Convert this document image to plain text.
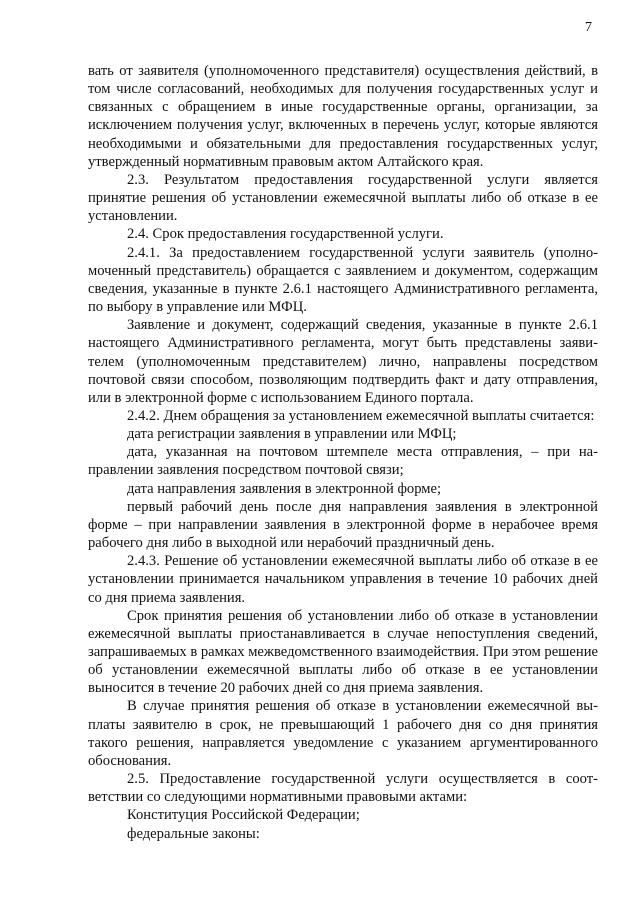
7

вать от заявителя (уполномоченного представителя) осуществления действий, в том числе согласований, необходимых для получения государственных услуг и связанных с обращением в иные государственные органы, организации, за исключением получения услуг, включенных в перечень услуг, которые являются необходимыми и обязательными для предоставления государственных услуг, утвержденный нормативным правовым актом Алтайского края.

2.3. Результатом предоставления государственной услуги является принятие решения об установлении ежемесячной выплаты либо об отказе в ее установлении.

2.4. Срок предоставления государственной услуги.

2.4.1. За предоставлением государственной услуги заявитель (уполномоченный представитель) обращается с заявлением и документом, содержащим сведения, указанные в пункте 2.6.1 настоящего Административного регламента, по выбору в управление или МФЦ.

Заявление и документ, содержащий сведения, указанные в пункте 2.6.1 настоящего Административного регламента, могут быть представлены заявителем (уполномоченным представителем) лично, направлены посредством почтовой связи способом, позволяющим подтвердить факт и дату отправления, или в электронной форме с использованием Единого портала.

2.4.2. Днем обращения за установлением ежемесячной выплаты считается:

дата регистрации заявления в управлении или МФЦ;

дата, указанная на почтовом штемпеле места отправления, – при направлении заявления посредством почтовой связи;

дата направления заявления в электронной форме;

первый рабочий день после дня направления заявления в электронной форме – при направлении заявления в электронной форме в нерабочее время рабочего дня либо в выходной или нерабочий праздничный день.

2.4.3. Решение об установлении ежемесячной выплаты либо об отказе в ее установлении принимается начальником управления в течение 10 рабочих дней со дня приема заявления.

Срок принятия решения об установлении либо об отказе в установлении ежемесячной выплаты приостанавливается в случае непоступления сведений, запрашиваемых в рамках межведомственного взаимодействия. При этом решение об установлении ежемесячной выплаты либо об отказе в ее установлении выносится в течение 20 рабочих дней со дня приема заявления.

В случае принятия решения об отказе в установлении ежемесячной выплаты заявителю в срок, не превышающий 1 рабочего дня со дня принятия такого решения, направляется уведомление с указанием аргументированного обоснования.

2.5. Предоставление государственной услуги осуществляется в соответствии со следующими нормативными правовыми актами:

Конституция Российской Федерации;

федеральные законы:
